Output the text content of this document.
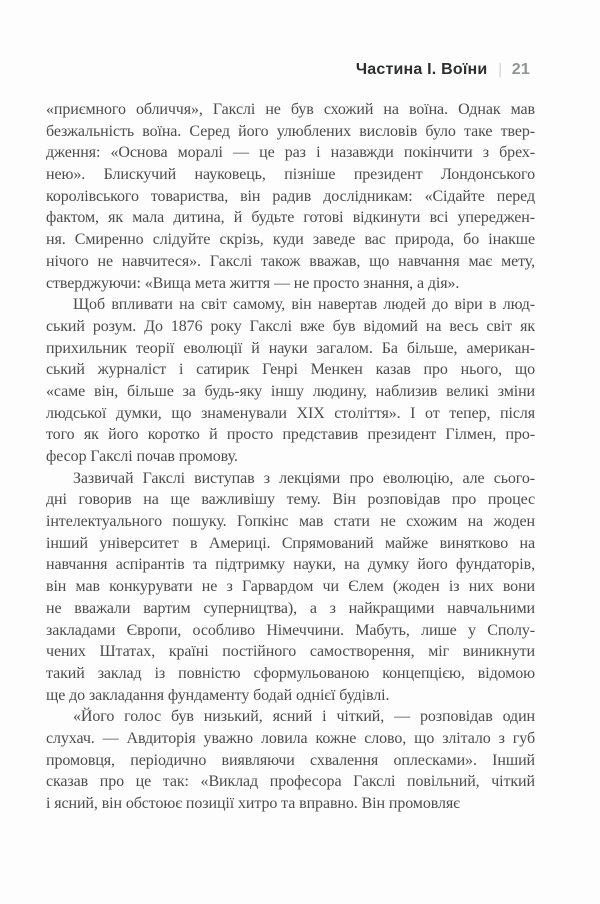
Частина І. Воїни | 21

«приємного обличчя», Гакслі не був схожий на воїна. Однак мав
безжальність воїна. Серед його улюблених висловів було таке твер-
дження: «Основа моралі — це раз і назавжди покінчити з брех-
нею». Блискучий науковець, пізніше президент Лондонського
королівського товариства, він радив дослідникам: «Сідайте перед
фактом, як мала дитина, й будьте готові відкинути всі упереджен-
ня. Смиренно слідуйте скрізь, куди заведе вас природа, бо інакше
нічого не навчитеся». Гакслі також вважав, що навчання має мету,
стверджуючи: «Вища мета життя — не просто знання, а дія».

Щоб впливати на світ самому, він навертав людей до віри в люд-
ський розум. До 1876 року Гакслі вже був відомий на весь світ як
прихильник теорії еволюції й науки загалом. Ба більше, американ-
ський журналіст і сатирик Генрі Менкен казав про нього, що
«саме він, більше за будь-яку іншу людину, наблизив великі зміни
людської думки, що знаменували XIX століття». І от тепер, після
того як його коротко й просто представив президент Гілмен, про-
фесор Гакслі почав промову.

Зазвичай Гакслі виступав з лекціями про еволюцію, але сього-
дні говорив на ще важливішу тему. Він розповідав про процес
інтелектуального пошуку. Гопкінс мав стати не схожим на жоден
інший університет в Америці. Спрямований майже винятково на
навчання аспірантів та підтримку науки, на думку його фундаторів,
він мав конкурувати не з Гарвардом чи Єлем (жоден із них вони
не вважали вартим суперництва), а з найкращими навчальними
закладами Європи, особливо Німеччини. Мабуть, лише у Сполу-
чених Штатах, країні постійного самостворення, міг виникнути
такий заклад із повністю сформульованою концепцією, відомою
ще до закладання фундаменту бодай однієї будівлі.

«Його голос був низький, ясний і чіткий, — розповідав один
слухач. — Авдиторія уважно ловила кожне слово, що злітало з губ
промовця, періодично виявляючи схвалення оплесками». Інший
сказав про це так: «Виклад професора Гакслі повільний, чіткий
і ясний, він обстоює позиції хитро та вправно. Він промовляє
